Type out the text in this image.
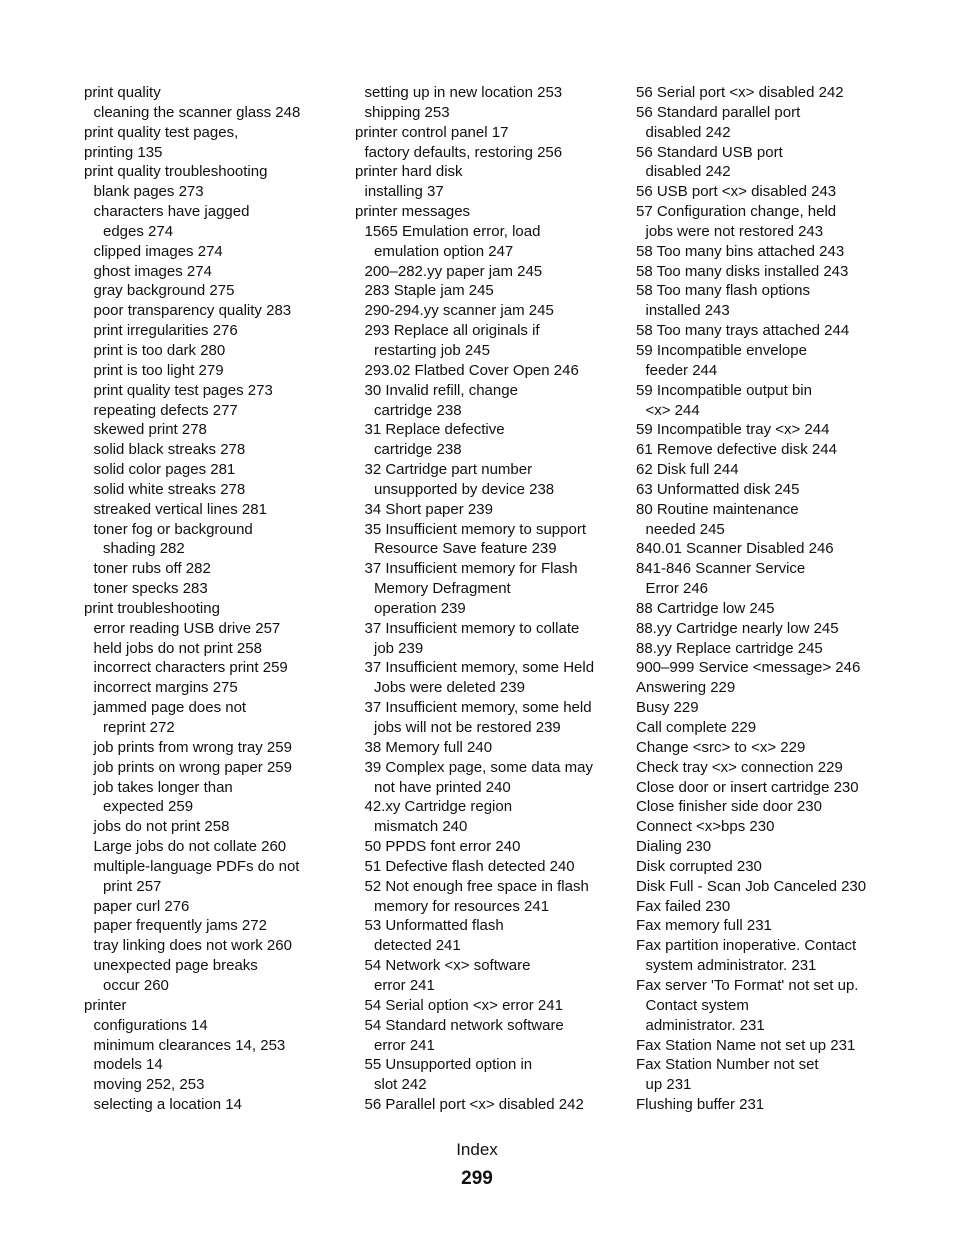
print quality
cleaning the scanner glass 248
print quality test pages,
printing 135
print quality troubleshooting
blank pages 273
characters have jagged
edges 274
clipped images 274
ghost images 274
gray background 275
poor transparency quality 283
print irregularities 276
print is too dark 280
print is too light 279
print quality test pages 273
repeating defects 277
skewed print 278
solid black streaks 278
solid color pages 281
solid white streaks 278
streaked vertical lines 281
toner fog or background
shading 282
toner rubs off 282
toner specks 283
print troubleshooting
error reading USB drive 257
held jobs do not print 258
incorrect characters print 259
incorrect margins 275
jammed page does not
reprint 272
job prints from wrong tray 259
job prints on wrong paper 259
job takes longer than
expected 259
jobs do not print 258
Large jobs do not collate 260
multiple-language PDFs do not
print 257
paper curl 276
paper frequently jams 272
tray linking does not work 260
unexpected page breaks
occur 260
printer
configurations 14
minimum clearances 14, 253
models 14
moving 252, 253
selecting a location 14
setting up in new location 253
shipping 253
printer control panel 17
factory defaults, restoring 256
printer hard disk
installing 37
printer messages
1565 Emulation error, load
emulation option 247
200–282.yy paper jam 245
283 Staple jam 245
290-294.yy scanner jam 245
293 Replace all originals if
restarting job 245
293.02 Flatbed Cover Open 246
30 Invalid refill, change
cartridge 238
31 Replace defective
cartridge 238
32 Cartridge part number
unsupported by device 238
34 Short paper 239
35 Insufficient memory to support
Resource Save feature 239
37 Insufficient memory for Flash
Memory Defragment
operation 239
37 Insufficient memory to collate
job 239
37 Insufficient memory, some Held
Jobs were deleted 239
37 Insufficient memory, some held
jobs will not be restored 239
38 Memory full 240
39 Complex page, some data may
not have printed 240
42.xy Cartridge region
mismatch 240
50 PPDS font error 240
51 Defective flash detected 240
52 Not enough free space in flash
memory for resources 241
53 Unformatted flash
detected 241
54 Network <x> software
error 241
54 Serial option <x> error 241
54 Standard network software
error 241
55 Unsupported option in
slot 242
56 Parallel port <x> disabled 242
56 Serial port <x> disabled 242
56 Standard parallel port
disabled 242
56 Standard USB port
disabled 242
56 USB port <x> disabled 243
57 Configuration change, held
jobs were not restored 243
58 Too many bins attached 243
58 Too many disks installed 243
58 Too many flash options
installed 243
58 Too many trays attached 244
59 Incompatible envelope
feeder 244
59 Incompatible output bin
<x> 244
59 Incompatible tray <x> 244
61 Remove defective disk 244
62 Disk full 244
63 Unformatted disk 245
80 Routine maintenance
needed 245
840.01 Scanner Disabled 246
841-846 Scanner Service
Error 246
88 Cartridge low 245
88.yy Cartridge nearly low 245
88.yy Replace cartridge 245
900–999 Service <message> 246
Answering 229
Busy 229
Call complete 229
Change <src> to <x> 229
Check tray <x> connection 229
Close door or insert cartridge 230
Close finisher side door 230
Connect <x>bps 230
Dialing 230
Disk corrupted 230
Disk Full - Scan Job Canceled 230
Fax failed 230
Fax memory full 231
Fax partition inoperative. Contact
system administrator. 231
Fax server 'To Format' not set up.
Contact system
administrator. 231
Fax Station Name not set up 231
Fax Station Number not set
up 231
Flushing buffer 231
Index
299
